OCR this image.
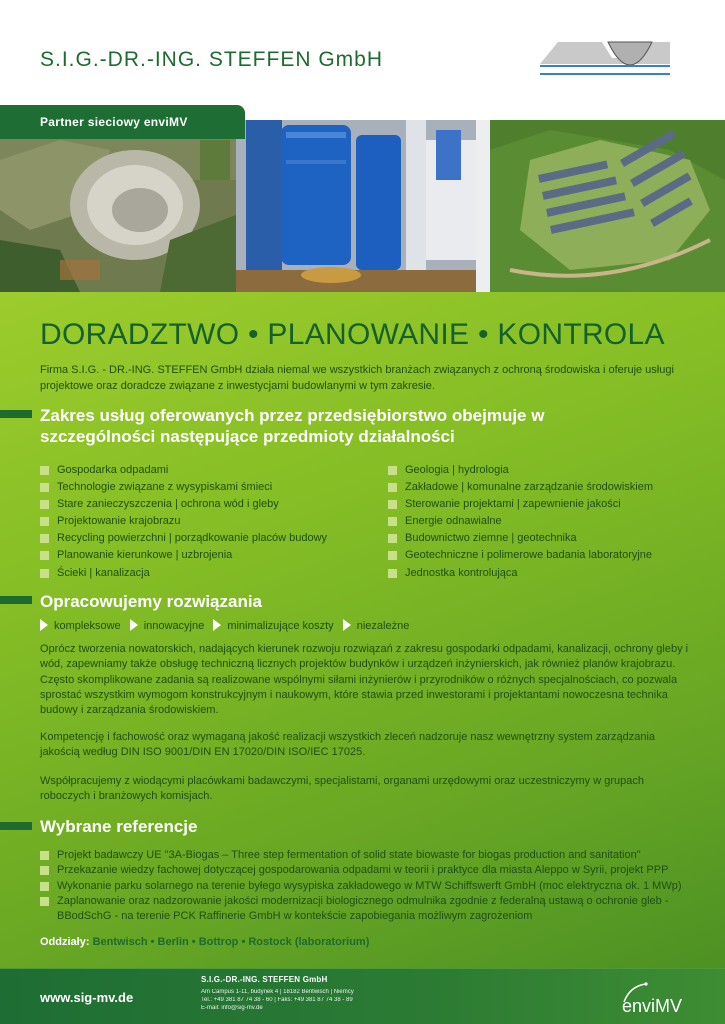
S.I.G.-DR.-ING. STEFFEN GmbH
Partner sieciowy enviMV
DORADZTWO • PLANOWANIE • KONTROLA
Firma S.I.G. - DR.-ING. STEFFEN GmbH działa niemal we wszystkich branżach związanych z ochroną środowiska i oferuje usługi projektowe oraz doradcze związane z inwestycjami budowlanymi w tym zakresie.
Zakres usług oferowanych przez przedsiębiorstwo obejmuje w szczególności następujące przedmioty działalności
Gospodarka odpadami
Technologie związane z wysypiskami śmieci
Stare zanieczyszczenia | ochrona wód i gleby
Projektowanie krajobrazu
Recycling powierzchni | porządkowanie placów budowy
Planowanie kierunkowe | uzbrojenia
Ścieki | kanalizacja
Geologia | hydrologia
Zakładowe | komunalne zarządzanie środowiskiem
Sterowanie projektami | zapewnienie jakości
Energie odnawialne
Budownictwo ziemne | geotechnika
Geotechniczne i polimerowe badania laboratoryjne
Jednostka kontrolująca
Opracowujemy rozwiązania
kompleksowe innowacyjne minimalizujące koszty niezależne
Oprócz tworzenia nowatorskich, nadających kierunek rozwoju rozwiązań z zakresu gospodarki odpadami, kanalizacji, ochrony gleby i wód, zapewniamy także obsługę techniczną licznych projektów budynków i urządzeń inżynierskich, jak również planów krajobrazu. Często skomplikowane zadania są realizowane wspólnymi siłami inżynierów i przyrodników o różnych specjalnościach, co pozwala sprostać wszystkim wymogom konstrukcyjnym i naukowym, które stawia przed inwestorami i projektantami nowoczesna technika budowy i zarządzania środowiskiem.
Kompetencję i fachowość oraz wymaganą jakość realizacji wszystkich zleceń nadzoruje nasz wewnętrzny system zarządzania jakością według DIN ISO 9001/DIN EN 17020/DIN ISO/IEC 17025.
Współpracujemy z wiodącymi placówkami badawczymi, specjalistami, organami urzędowymi oraz uczestniczymy w grupach roboczych i branżowych komisjach.
Wybrane referencje
Projekt badawczy UE "3A-Biogas – Three step fermentation of solid state biowaste for biogas production and sanitation"
Przekazanie wiedzy fachowej dotyczącej gospodarowania odpadami w teorii i praktyce dla miasta Aleppo w Syrii, projekt PPP
Wykonanie parku solarnego na terenie byłego wysypiska zakładowego w MTW Schiffswerft GmbH (moc elektryczna ok. 1 MWp)
Zaplanowanie oraz nadzorowanie jakości modernizacji biologicznego odmulnika zgodnie z federalną ustawą o ochronie gleb - BBodSchG - na terenie PCK Raffinerie GmbH w kontekście zapobiegania możliwym zagrożeniom
Oddziały: Bentwisch • Berlin • Bottrop • Rostock (laboratorium)
www.sig-mv.de
S.I.G.-DR.-ING. STEFFEN GmbH
Am Campus 1-11, budynek 4 | 18182 Bentwisch | Niemcy
Tel.: +49 381 87 74 38 - 60 | Faks: +49 381 87 74 38 - 89
E-mail: info@sig-mv.de	enviMV
